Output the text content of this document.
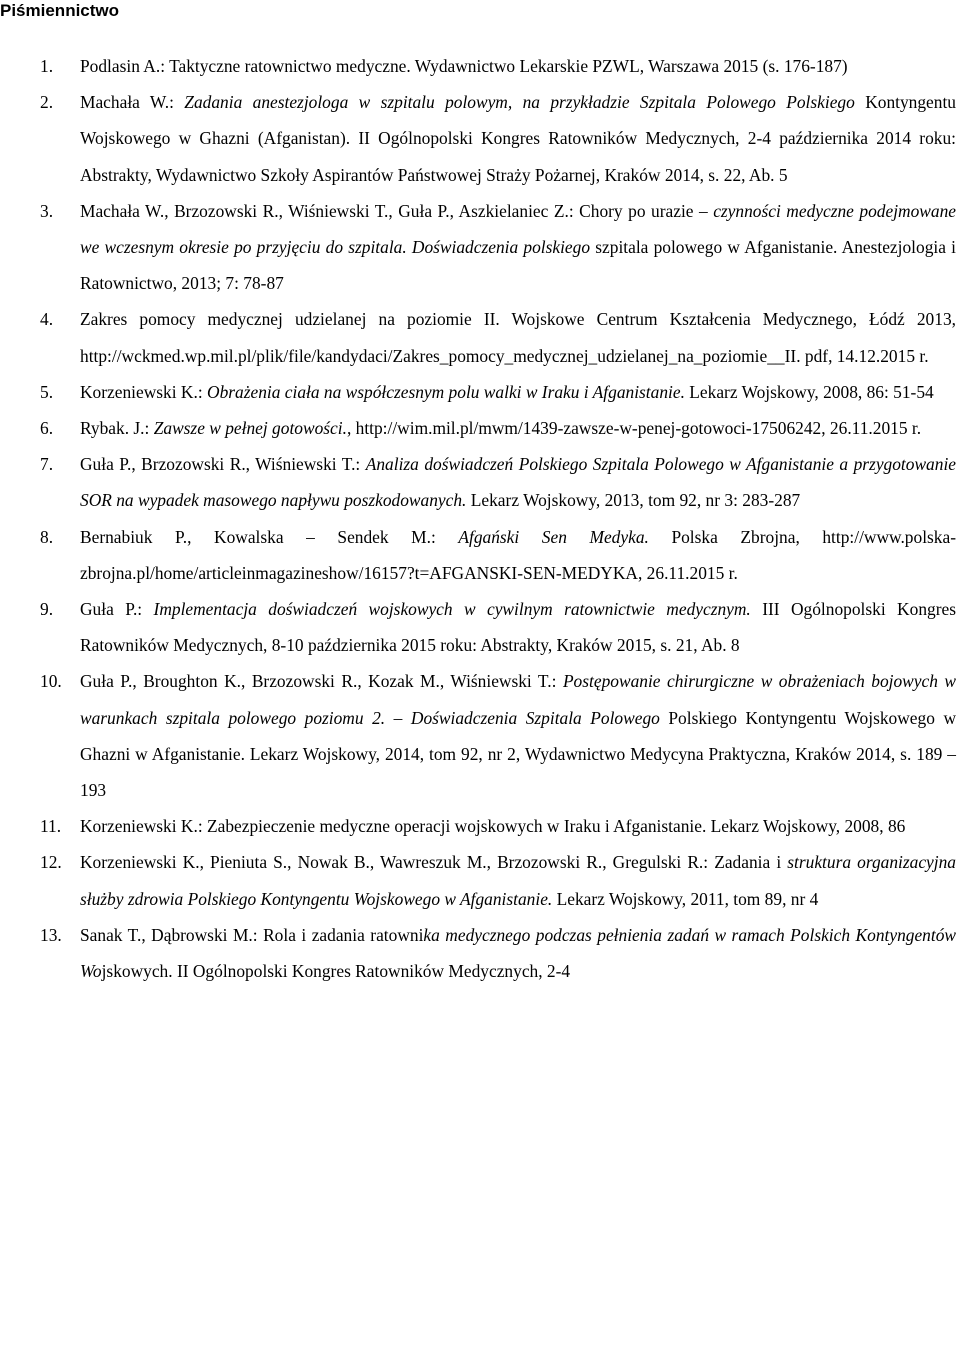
Piśmiennictwo
1. Podlasin A.: Taktyczne ratownictwo medyczne. Wydawnictwo Lekarskie PZWL, Warszawa 2015 (s. 176-187)
2. Machała W.: Zadania anestezjologa w szpitalu polowym, na przykładzie Szpitala Polowego Polskiego Kontyngentu Wojskowego w Ghazni (Afganistan). II Ogólnopolski Kongres Ratowników Medycznych, 2-4 października 2014 roku: Abstrakty, Wydawnictwo Szkoły Aspirantów Państwowej Straży Pożarnej, Kraków 2014, s. 22, Ab. 5
3. Machała W., Brzozowski R., Wiśniewski T., Guła P., Aszkielaniec Z.: Chory po urazie – czynności medyczne podejmowane we wczesnym okresie po przyjęciu do szpitala. Doświadczenia polskiego szpitala polowego w Afganistanie. Anestezjologia i Ratownictwo, 2013; 7: 78-87
4. Zakres pomocy medycznej udzielanej na poziomie II. Wojskowe Centrum Kształcenia Medycznego, Łódź 2013, http://wckmed.wp.mil.pl/plik/file/kandydaci/Zakres_pomocy_medycznej_udzielanej_na_poziomie__II. pdf, 14.12.2015 r.
5. Korzeniewski K.: Obrażenia ciała na współczesnym polu walki w Iraku i Afganistanie. Lekarz Wojskowy, 2008, 86: 51-54
6. Rybak. J.: Zawsze w pełnej gotowości., http://wim.mil.pl/mwm/1439-zawsze-w-penej-gotowoci-17506242, 26.11.2015 r.
7. Guła P., Brzozowski R., Wiśniewski T.: Analiza doświadczeń Polskiego Szpitala Polowego w Afganistanie a przygotowanie SOR na wypadek masowego napływu poszkodowanych. Lekarz Wojskowy, 2013, tom 92, nr 3: 283-287
8. Bernabiuk P., Kowalska – Sendek M.: Afgański Sen Medyka. Polska Zbrojna, http://www.polska-zbrojna.pl/home/articleinmagazineshow/16157?t=AFGANSKI-SEN-MEDYKA, 26.11.2015 r.
9. Guła P.: Implementacja doświadczeń wojskowych w cywilnym ratownictwie medycznym. III Ogólnopolski Kongres Ratowników Medycznych, 8-10 października 2015 roku: Abstrakty, Kraków 2015, s. 21, Ab. 8
10. Guła P., Broughton K., Brzozowski R., Kozak M., Wiśniewski T.: Postępowanie chirurgiczne w obrażeniach bojowych w warunkach szpitala polowego poziomu 2. – Doświadczenia Szpitala Polowego Polskiego Kontyngentu Wojskowego w Ghazni w Afganistanie. Lekarz Wojskowy, 2014, tom 92, nr 2, Wydawnictwo Medycyna Praktyczna, Kraków 2014, s. 189 – 193
11. Korzeniewski K.: Zabezpieczenie medyczne operacji wojskowych w Iraku i Afganistanie. Lekarz Wojskowy, 2008, 86
12. Korzeniewski K., Pieniuta S., Nowak B., Wawreszuk M., Brzozowski R., Gregulski R.: Zadania i struktura organizacyjna służby zdrowia Polskiego Kontyngentu Wojskowego w Afganistanie. Lekarz Wojskowy, 2011, tom 89, nr 4
13. Sanak T., Dąbrowski M.: Rola i zadania ratownika medycznego podczas pełnienia zadań w ramach Polskich Kontyngentów Wojskowych. II Ogólnopolski Kongres Ratowników Medycznych, 2-4
